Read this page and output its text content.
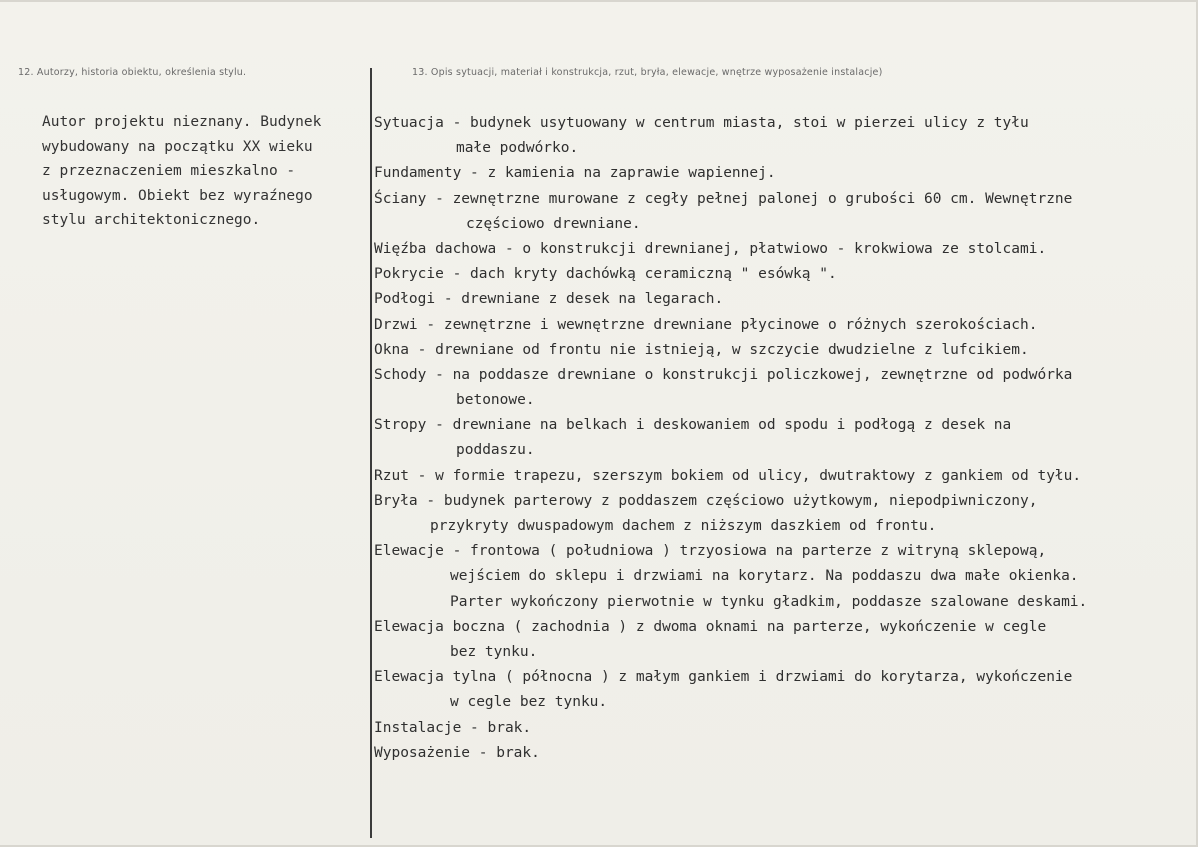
12. Autorzy, historia obiektu, określenia stylu.	13. Opis sytuacji, materiał i konstrukcja, rzut, bryła, elewacje, wnętrze wyposażenie instalacje)
Autor projektu nieznany. Budynek
wybudowany na początku XX wieku
z przeznaczeniem mieszkalno -
usługowym. Obiekt bez wyraźnego
stylu architektonicznego.
Sytuacja - budynek usytuowany w centrum miasta, stoi w pierzei ulicy z tyłu
małe podwórko.
Fundamenty - z kamienia na zaprawie wapiennej.
Ściany - zewnętrzne murowane z cegły pełnej palonej o grubości 60 cm. Wewnętrzne
częściowo drewniane.
Więźba dachowa - o konstrukcji drewnianej, płatwiowo - krokwiowa ze stolcami.
Pokrycie - dach kryty dachówką ceramiczną " esówką ".
Podłogi - drewniane z desek na legarach.
Drzwi - zewnętrzne i wewnętrzne drewniane płycinowe o różnych szerokościach.
Okna - drewniane od frontu nie istnieją, w szczycie dwudzielne z lufcikiem.
Schody - na poddasze drewniane o konstrukcji policzkowej, zewnętrzne od podwórka
betonowe.
Stropy - drewniane na belkach i deskowaniem od spodu i podłogą z desek na
poddaszu.
Rzut - w formie trapezu, szerszym bokiem od ulicy, dwutraktowy z gankiem od tyłu.
Bryła - budynek parterowy z poddaszem częściowo użytkowym, niepodpiwniczony,
przykryty dwuspadowym dachem z niższym daszkiem od frontu.
Elewacje - frontowa ( południowa ) trzyosiowa na parterze z witryną sklepową,
wejściem do sklepu i drzwiami na korytarz. Na poddaszu dwa małe okienka.
Parter wykończony pierwotnie w tynku gładkim, poddasze szalowane deskami.
Elewacja boczna ( zachodnia ) z dwoma oknami na parterze, wykończenie w cegle
bez tynku.
Elewacja tylna ( północna ) z małym gankiem i drzwiami do korytarza, wykończenie
w cegle bez tynku.
Instalacje - brak.
Wyposażenie - brak.
